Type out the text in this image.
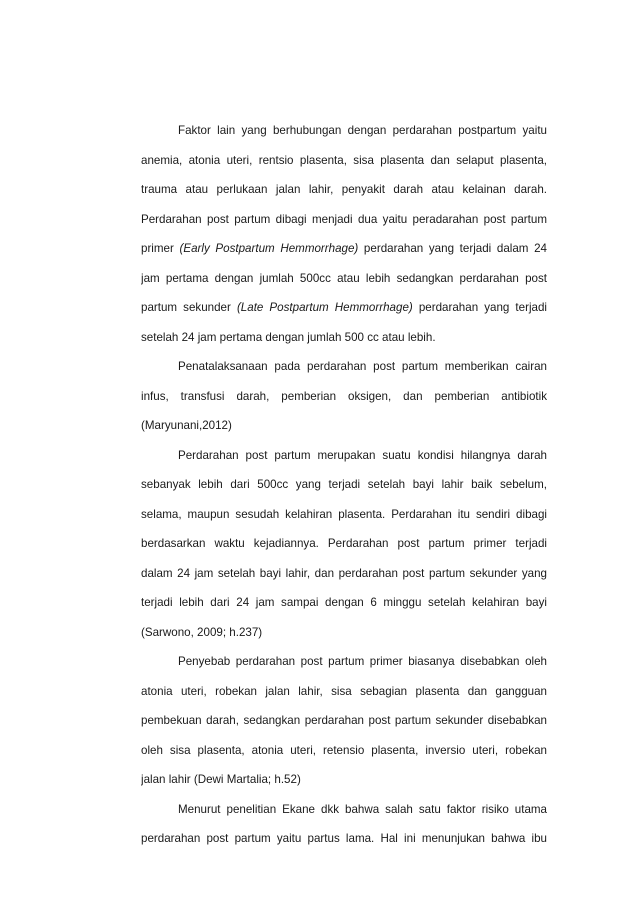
Faktor lain yang berhubungan dengan perdarahan postpartum yaitu
anemia, atonia uteri, rentsio plasenta, sisa plasenta dan selaput plasenta,
trauma atau perlukaan jalan lahir, penyakit darah atau kelainan darah.
Perdarahan post partum dibagi menjadi dua yaitu peradarahan post partum
primer (Early Postpartum Hemmorrhage) perdarahan yang terjadi dalam 24
jam pertama dengan jumlah 500cc atau lebih sedangkan perdarahan post
partum sekunder (Late Postpartum Hemmorrhage) perdarahan yang terjadi
setelah 24 jam pertama dengan jumlah 500 cc atau lebih.

Penatalaksanaan pada perdarahan post partum memberikan cairan
infus, transfusi darah, pemberian oksigen, dan pemberian antibiotik
(Maryunani,2012)

Perdarahan post partum merupakan suatu kondisi hilangnya darah
sebanyak lebih dari 500cc yang terjadi setelah bayi lahir baik sebelum,
selama, maupun sesudah kelahiran plasenta. Perdarahan itu sendiri dibagi
berdasarkan waktu kejadiannya. Perdarahan post partum primer terjadi
dalam 24 jam setelah bayi lahir, dan perdarahan post partum sekunder yang
terjadi lebih dari 24 jam sampai dengan 6 minggu setelah kelahiran bayi
(Sarwono, 2009; h.237)

Penyebab perdarahan post partum primer biasanya disebabkan oleh
atonia uteri, robekan jalan lahir, sisa sebagian plasenta dan gangguan
pembekuan darah, sedangkan perdarahan post partum sekunder disebabkan
oleh sisa plasenta, atonia uteri, retensio plasenta, inversio uteri, robekan
jalan lahir (Dewi Martalia; h.52)

Menurut penelitian Ekane dkk bahwa salah satu faktor risiko utama
perdarahan post partum yaitu partus lama. Hal ini menunjukan bahwa ibu
